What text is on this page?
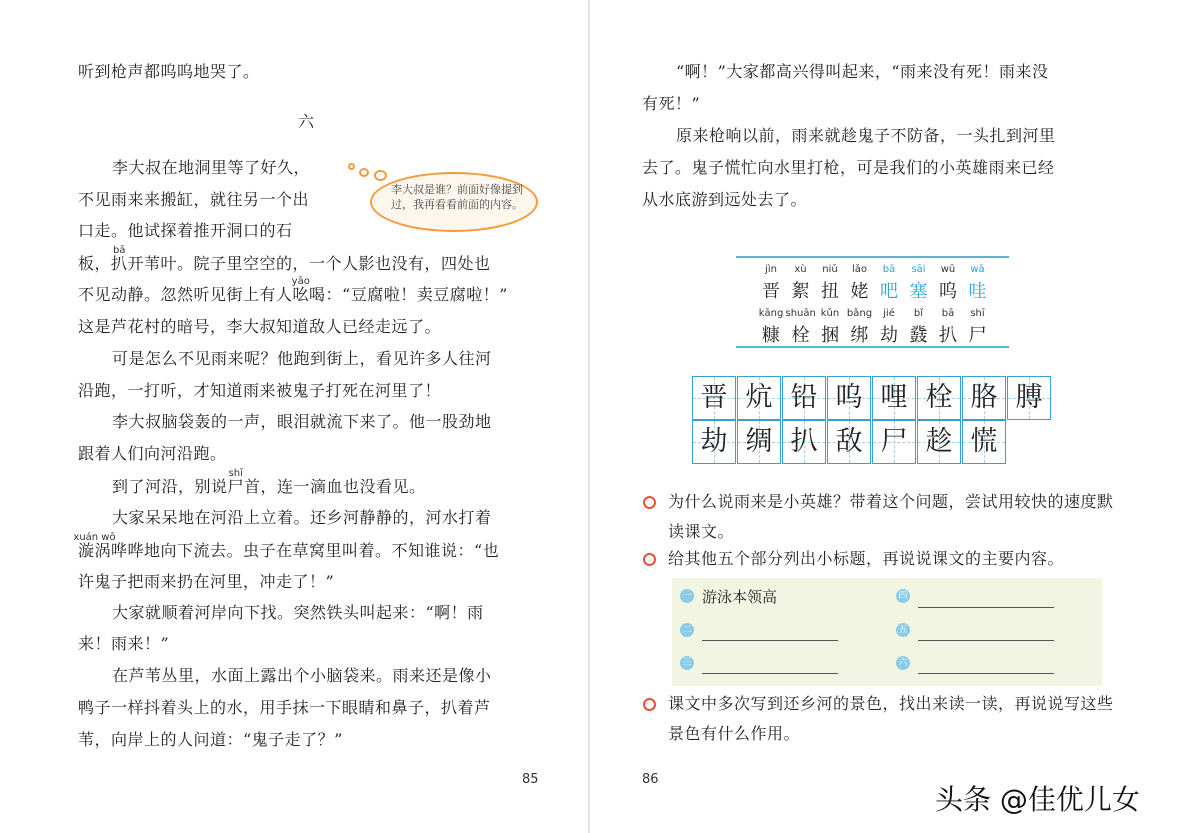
听到枪声都呜呜地哭了。
六
李大叔在地洞里等了好久，
不见雨来来搬缸，就往另一个出
口走。他试探着推开洞口的石
板，
bā
扒开苇叶。院子里空空的，一个人影也没有，四处也
不见动静。忽然听见街上有人
yāo
吆喝：“豆腐啦！卖豆腐啦！”
这是芦花村的暗号，李大叔知道敌人已经走远了。
可是怎么不见雨来呢？他跑到街上，看见许多人往河
沿跑，一打听，才知道雨来被鬼子打死在河里了！
李大叔脑袋轰的一声，眼泪就流下来了。他一股劲地
跟着人们向河沿跑。
到了河沿，别说
shī
尸首，连一滴血也没看见。
大家呆呆地在河沿上立着。还乡河静静的，河水打着
xuán wō
漩涡哗哗地向下流去。虫子在草窝里叫着。不知谁说：“也
许鬼子把雨来扔在河里，冲走了！”
大家就顺着河岸向下找。突然铁头叫起来：“啊！雨
来！雨来！”
在芦苇丛里，水面上露出个小脑袋来。雨来还是像小
鸭子一样抖着头上的水，用手抹一下眼睛和鼻子，扒着芦
苇，向岸上的人问道：“鬼子走了？”
李大叔是谁？前面好像提到过，我再看看前面的内容。
85
“啊！”大家都高兴得叫起来，“雨来没有死！雨来没
有死！”
原来枪响以前，雨来就趁鬼子不防备，一头扎到河里
去了。鬼子慌忙向水里打枪，可是我们的小英雄雨来已经
从水底游到远处去了。
jìn
晋
xù
絮
niǔ
扭
lǎo
姥
bā
吧
sāi
塞
wū
呜
wā
哇
kāng
糠
shuān
栓
kǔn
捆
bǎng
绑
jié
劫
bǐ
鼗
bā
扒
shī
尸
晋 炕 铅 呜 哩 栓 胳 膊
劫 绸 扒 敌 尸 趁 慌
为什么说雨来是小英雄？带着这个问题，尝试用较快的速度默
读课文。
给其他五个部分列出小标题，再说说课文的主要内容。
一 游泳本领高
二
三
四
五
六
课文中多次写到还乡河的景色，找出来读一读，再说说写这些
景色有什么作用。
86
头条 @佳优儿女
